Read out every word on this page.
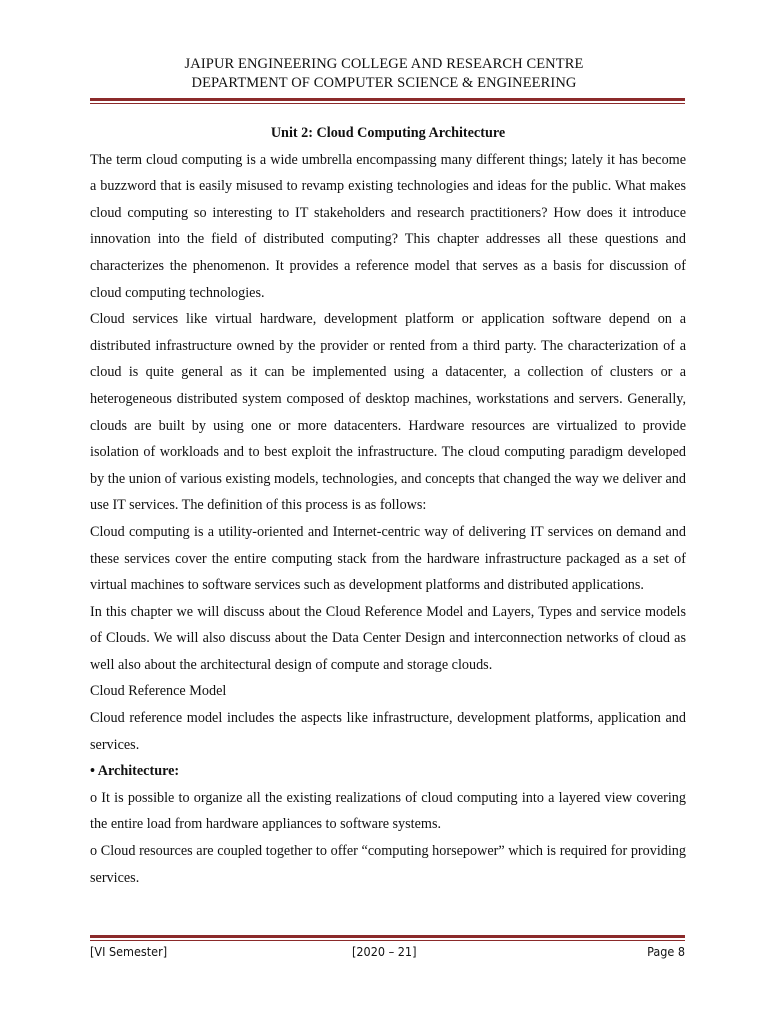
JAIPUR ENGINEERING COLLEGE AND RESEARCH CENTRE
DEPARTMENT OF COMPUTER SCIENCE & ENGINEERING

Unit 2: Cloud Computing Architecture

The term cloud computing is a wide umbrella encompassing many different things; lately it has become a buzzword that is easily misused to revamp existing technologies and ideas for the public. What makes cloud computing so interesting to IT stakeholders and research practitioners? How does it introduce innovation into the field of distributed computing? This chapter addresses all these questions and characterizes the phenomenon. It provides a reference model that serves as a basis for discussion of cloud computing technologies.

Cloud services like virtual hardware, development platform or application software depend on a distributed infrastructure owned by the provider or rented from a third party. The characterization of a cloud is quite general as it can be implemented using a datacenter, a collection of clusters or a heterogeneous distributed system composed of desktop machines, workstations and servers. Generally, clouds are built by using one or more datacenters. Hardware resources are virtualized to provide isolation of workloads and to best exploit the infrastructure. The cloud computing paradigm developed by the union of various existing models, technologies, and concepts that changed the way we deliver and use IT services. The definition of this process is as follows:

Cloud computing is a utility-oriented and Internet-centric way of delivering IT services on demand and these services cover the entire computing stack from the hardware infrastructure packaged as a set of virtual machines to software services such as development platforms and distributed applications.

In this chapter we will discuss about the Cloud Reference Model and Layers, Types and service models of Clouds. We will also discuss about the Data Center Design and interconnection networks of cloud as well also about the architectural design of compute and storage clouds.

Cloud Reference Model

Cloud reference model includes the aspects like infrastructure, development platforms, application and services.

• Architecture:

o It is possible to organize all the existing realizations of cloud computing into a layered view covering the entire load from hardware appliances to software systems.

o Cloud resources are coupled together to offer “computing horsepower” which is required for providing services.

[VI Semester]	[2020 – 21]	Page 8
